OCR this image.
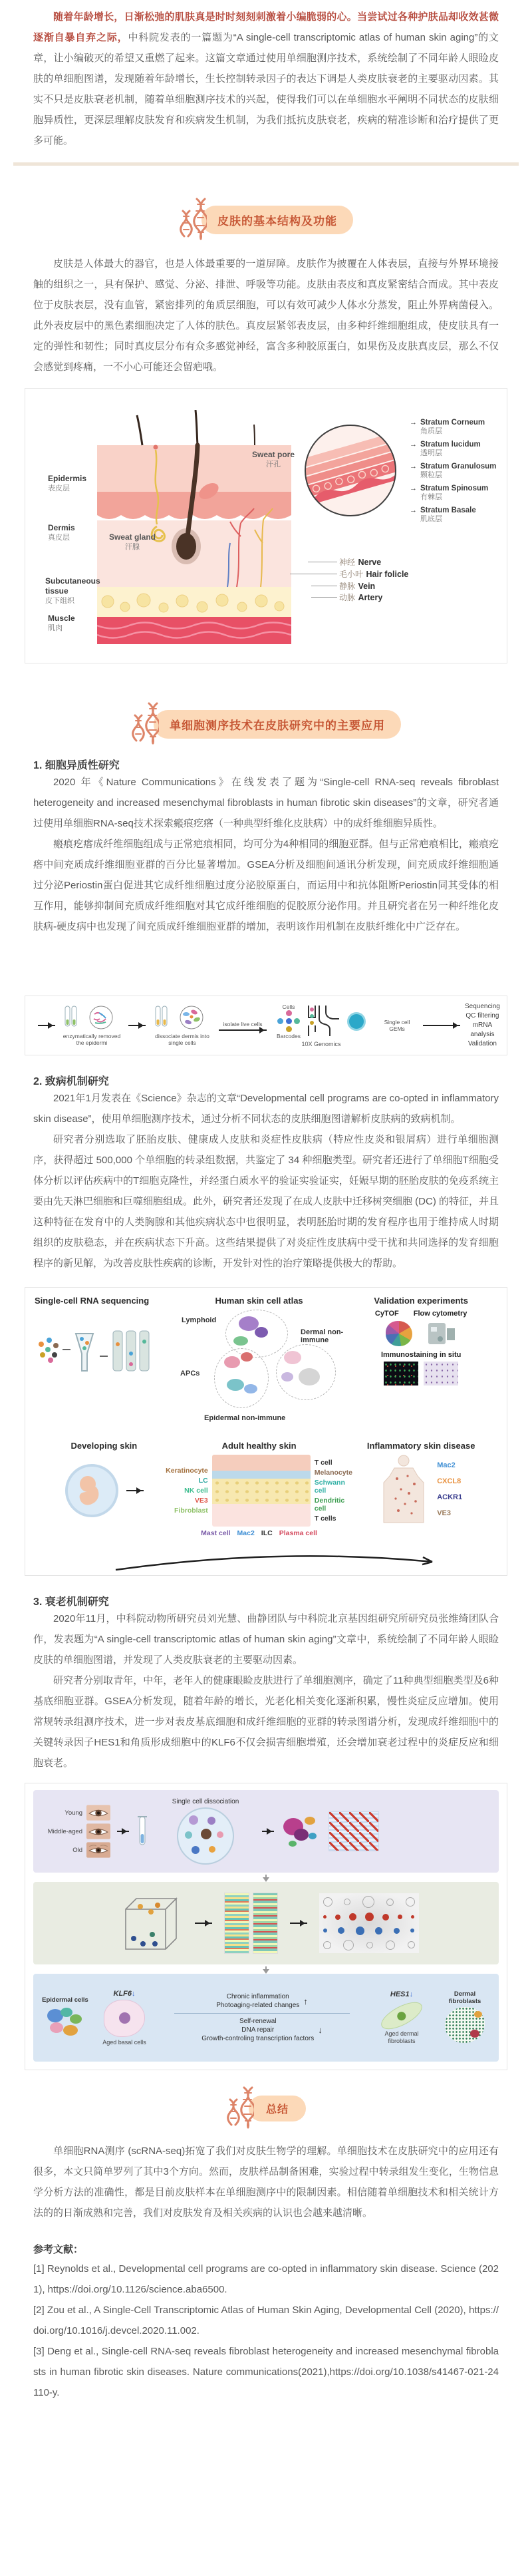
随着年龄增长，日渐松弛的肌肤真是时时刻刻刺激着小编脆弱的心。当尝试过各种护肤品却收效甚微逐渐自暴自弃之际，中科院发表的一篇题为“A single-cell transcriptomic atlas of human skin aging”的文章，让小编破灭的希望又重燃了起来。这篇文章通过使用单细胞测序技术，系统绘制了不同年龄人眼睑皮肤的单细胞图谱，发现随着年龄增长，生长控制转录因子的表达下调是人类皮肤衰老的主要驱动因素。其实不只是皮肤衰老机制，随着单细胞测序技术的兴起，使得我们可以在单细胞水平阐明不同状态的皮肤细胞异质性，更深层理解皮肤发育和疾病发生机制，为我们抵抗皮肤衰老，疾病的精准诊断和治疗提供了更多可能。

皮肤的基本结构及功能

皮肤是人体最大的器官，也是人体最重要的一道屏障。皮肤作为披覆在人体表层，直接与外界环境接触的组织之一，具有保护、感觉、分泌、排泄、呼吸等功能。皮肤由表皮和真皮紧密结合而成。其中表皮位于皮肤表层，没有血管，紧密排列的角质层细胞，可以有效可减少人体水分蒸发，阻止外界病菌侵入。此外表皮层中的黑色素细胞决定了人体的肤色。真皮层紧邻表皮层，由多种纤维细胞组成，使皮肤具有一定的弹性和韧性；同时真皮层分布有众多感觉神经，富含多种胶原蛋白，如果伤及皮肤真皮层，那么不仅会感觉到疼痛，一不小心可能还会留疤哦。

Epidermis
表皮层
Dermis
真皮层
Subcutaneous tissue
皮下组织
Muscle
肌肉
Sweat pore
汗孔
Sweat gland
汗腺
→ Stratum Corneum
角质层
→ Stratum lucidum
透明层
→ Stratum Granulosum
颗粒层
→ Stratum Spinosum
有棘层
→ Stratum Basale
肌底层
神经 Nerve
毛小叶 Hair folicle
静脉 Vein
动脉 Artery
单细胞测序技术在皮肤研究中的主要应用
1. 细胞异质性研究

2020 年《Nature Communications》在线发表了题为“Single-cell RNA-seq reveals fibroblast heterogeneity and increased mesenchymal fibroblasts in human fibrotic skin diseases”的文章，研究者通过使用单细胞RNA-seq技术探索瘢痕疙瘩（一种典型纤维化皮肤病）中的成纤维细胞异质性。

瘢痕疙瘩成纤维细胞组成与正常疤痕相同，均可分为4种相同的细胞亚群。但与正常疤痕相比，瘢痕疙瘩中间充质成纤维细胞亚群的百分比显著增加。GSEA分析及细胞间通讯分析发现，间充质成纤维细胞通过分泌Periostin蛋白促进其它成纤维细胞过度分泌胶原蛋白，而运用中和抗体阻断Periostin同其受体的相互作用，能够抑制间充质成纤维细胞对其它成纤维细胞的促胶原分泌作用。并且研究者在另一种纤维化皮肤病-硬皮病中也发现了间充质成纤维细胞亚群的增加，表明该作用机制在皮肤纤维化中广泛存在。

enzymatically removed the epidermi
dissociate dermis into single cells
isolate live cells
Cells
Barcodes
10X Genomics
Single cell GEMs
Sequencing
QC filtering
mRNA analysis
Validation
2. 致病机制研究

2021年1月发表在《Science》杂志的文章“Developmental cell programs are co-opted in inflammatory skin disease”，使用单细胞测序技术，通过分析不同状态的皮肤细胞图谱解析皮肤病的致病机制。

研究者分别选取了胚胎皮肤、健康成人皮肤和炎症性皮肤病（特应性皮炎和银屑病）进行单细胞测序，获得超过 500,000 个单细胞的转录组数据，共鉴定了 34 种细胞类型。研究者还进行了单细胞T细胞受体分析以评估疾病中的T细胞克隆性，并经蛋白质水平的验证实验证实，妊娠早期的胚胎皮肤的免疫系统主要由先天淋巴细胞和巨噬细胞组成。此外，研究者还发现了在成人皮肤中迁移树突细胞 (DC) 的特征，并且这种特征在发育中的人类胸腺和其他疾病状态中也很明显，表明胚胎时期的发育程序也用于维持成人时期组织的皮肤稳态，并在疾病状态下升高。这些结果提供了对炎症性皮肤病中受干扰和共同选择的发育细胞程序的新见解，为改善皮肤性疾病的诊断，开发针对性的治疗策略提供极大的帮助。

Single-cell RNA sequencing	Human skin cell atlas
Lymphoid
APCs
Dermal non-immune
Epidermal non-immune
Validation experiments
CyTOF Flow cytometry
Immunostaining in situ
Developing skin	Adult healthy skin
Keratinocyte
LC
NK cell
VE3
Fibroblast
T cell
Melanocyte
Schwann cell
Dendritic cell
T cells
Mast cell Mac2 ILC Plasma cell
Inflammatory skin disease
Mac2
CXCL8
ACKR1
VE3
3. 衰老机制研究

2020年11月，中科院动物所研究员刘光慧、曲静团队与中科院北京基因组研究所研究员张维绮团队合作，发表题为“A single-cell transcriptomic atlas of human skin aging”文章中，系统绘制了不同年龄人眼睑皮肤的单细胞图谱，并发现了人类皮肤衰老的主要驱动因素。

研究者分别取青年，中年，老年人的健康眼睑皮肤进行了单细胞测序，确定了11种典型细胞类型及6种基底细胞亚群。GSEA分析发现，随着年龄的增长，光老化相关变化逐渐积累，慢性炎症反应增加。使用常规转录组测序技术，进一步对表皮基底细胞和成纤维细胞的亚群的转录图谱分析，发现成纤维细胞中的关键转录因子HES1和角质形成细胞中的KLF6不仅会损害细胞增殖，还会增加衰老过程中的炎症反应和细胞衰老。

Young
Middle-aged
Old
Single cell dissociation
Epidermal cells
KLF6↓
Aged basal cells
Chronic inflammation
Photoaging-related changes ↑
Self-renewal
DNA repair
Growth-controling transcription factors
↓
HES1↓
Aged dermal fibroblasts
Dermal fibroblasts
总结

单细胞RNA测序 (scRNA-seq)拓宽了我们对皮肤生物学的理解。单细胞技术在皮肤研究中的应用还有很多，本文只简单罗列了其中3个方向。然而，皮肤样品制备困难，实验过程中转录组发生变化，生物信息学分析方法的准确性，都是目前皮肤样本在单细胞测序中的限制因素。相信随着单细胞技术和相关统计方法的的日渐成熟和完善，我们对皮肤发育及相关疾病的认识也会越来越清晰。

参考文献：

[1] Reynolds et al., Developmental cell programs are co-opted in inflammatory skin disease. Science (2021), https://doi.org/10.1126/science.aba6500.

[2] Zou et al., A Single-Cell Transcriptomic Atlas of Human Skin Aging, Developmental Cell (2020), https://doi.org/10.1016/j.devcel.2020.11.002.

[3] Deng et al., Single-cell RNA-seq reveals fibroblast heterogeneity and increased mesenchymal fibroblasts in human fibrotic skin diseases. Nature communications(2021),https://doi.org/10.1038/s41467-021-24110-y.
